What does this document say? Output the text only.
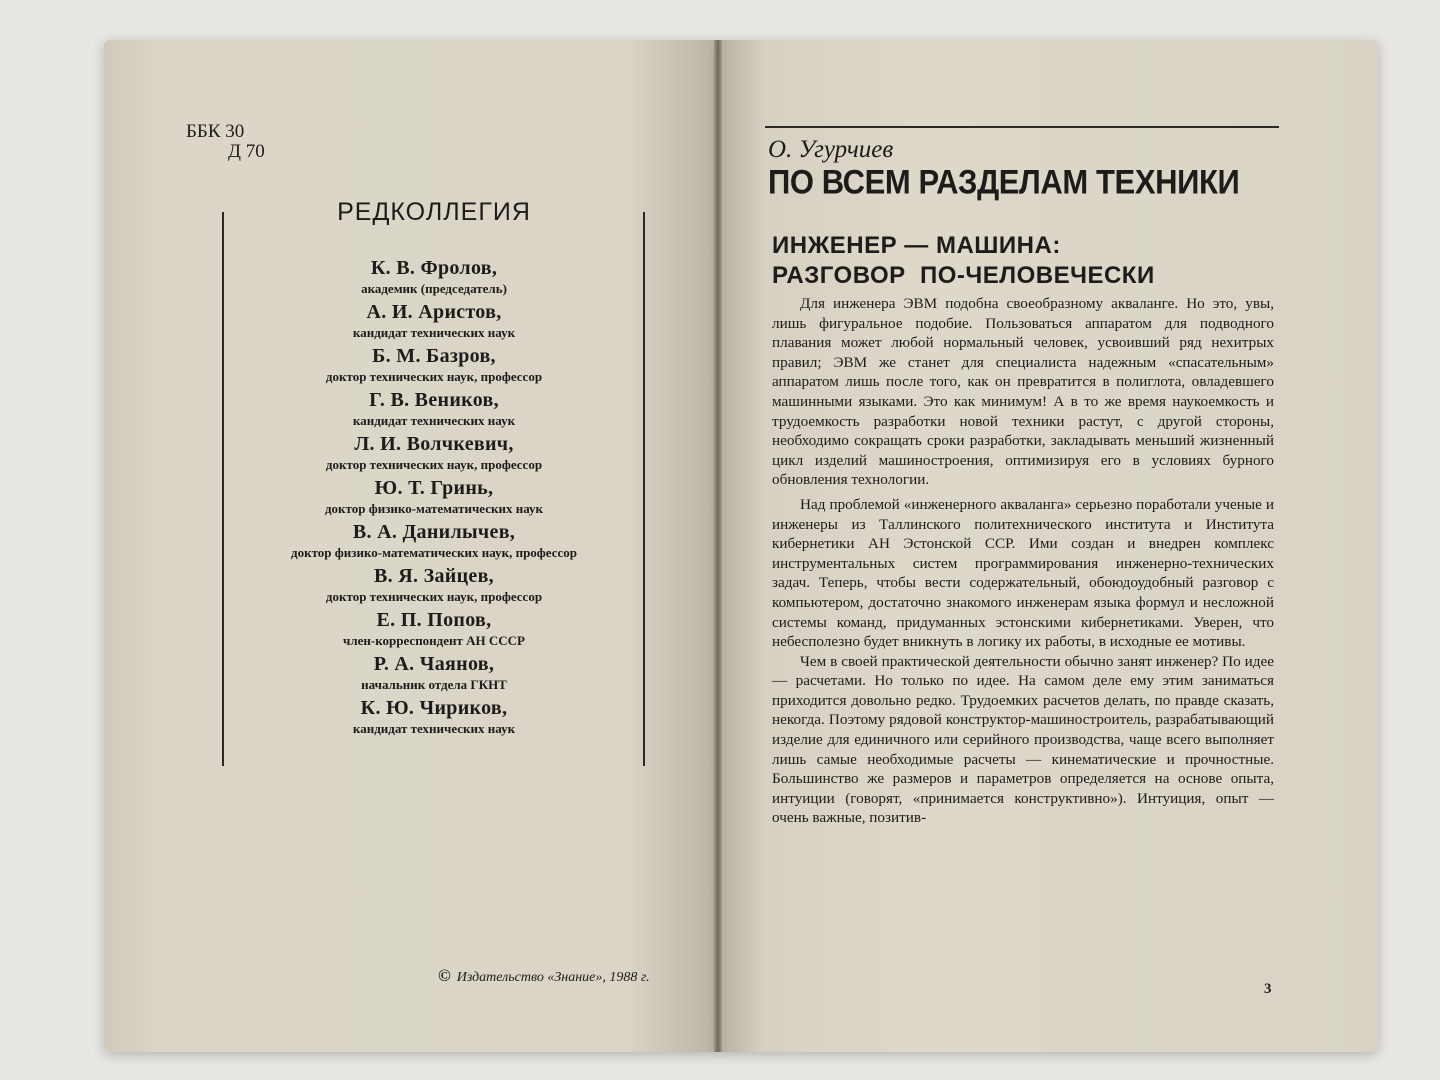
ББК 30
Д 70
РЕДКОЛЛЕГИЯ
К. В. Фролов,
академик (председатель)
А. И. Аристов,
кандидат технических наук
Б. М. Базров,
доктор технических наук, профессор
Г. В. Веников,
кандидат технических наук
Л. И. Волчкевич,
доктор технических наук, профессор
Ю. Т. Гринь,
доктор физико-математических наук
В. А. Данилычев,
доктор физико-математических наук, профессор
В. Я. Зайцев,
доктор технических наук, профессор
Е. П. Попов,
член-корреспондент АН СССР
Р. А. Чаянов,
начальник отдела ГКНТ
К. Ю. Чириков,
кандидат технических наук
© Издательство «Знание», 1988 г.
О. Угурчиев
ПО ВСЕМ РАЗДЕЛАМ ТЕХНИКИ
ИНЖЕНЕР — МАШИНА:
РАЗГОВОР  ПО-ЧЕЛОВЕЧЕСКИ

Для инженера ЭВМ подобна своеобразному акваланге. Но это, увы, лишь фигуральное подобие. Пользоваться аппаратом для подводного плавания может любой нормальный человек, усвоивший ряд нехитрых правил; ЭВМ же станет для специалиста надежным «спасательным» аппаратом лишь после того, как он превратится в полиглота, овладевшего машинными языками. Это как минимум! А в то же время наукоемкость и трудоемкость разработки новой техники растут, с другой стороны, необходимо сокращать сроки разработки, закладывать меньший жизненный цикл изделий машиностроения, оптимизируя его в условиях бурного обновления технологии.

Над проблемой «инженерного акваланга» серьезно поработали ученые и инженеры из Таллинского политехнического института и Института кибернетики АН Эстонской ССР. Ими создан и внедрен комплекс инструментальных систем программирования инженерно-технических задач. Теперь, чтобы вести содержательный, обоюдоудобный разговор с компьютером, достаточно знакомого инженерам языка формул и несложной системы команд, придуманных эстонскими кибернетиками. Уверен, что небесполезно будет вникнуть в логику их работы, в исходные ее мотивы.

Чем в своей практической деятельности обычно занят инженер? По идее — расчетами. Но только по идее. На самом деле ему этим заниматься приходится довольно редко. Трудоемких расчетов делать, по правде сказать, некогда. Поэтому рядовой конструктор-машиностроитель, разрабатывающий изделие для единичного или серийного производства, чаще всего выполняет лишь самые необходимые расчеты — кинематические и прочностные. Большинство же размеров и параметров определяется на основе опыта, интуиции (говорят, «принимается конструктивно»). Интуиция, опыт — очень важные, позитив-

3
